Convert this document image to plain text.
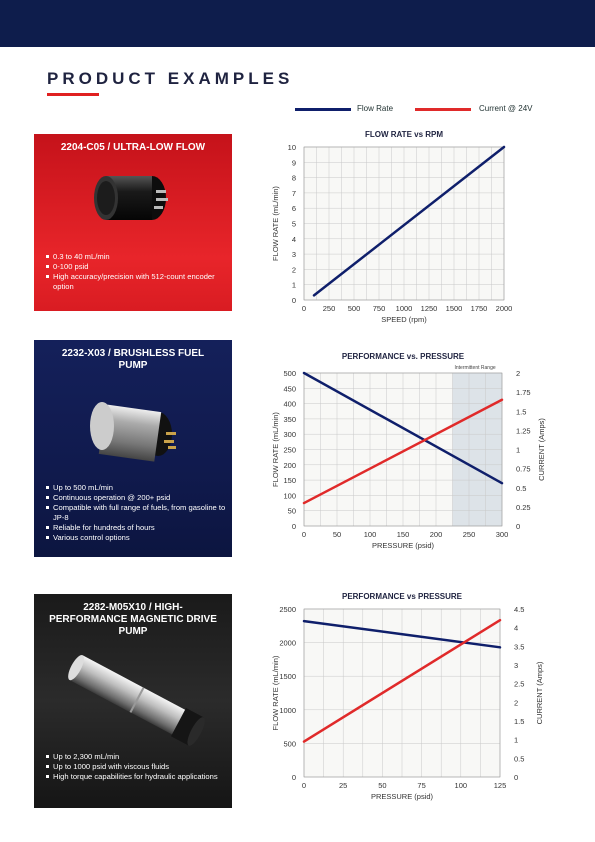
PRODUCT EXAMPLES
Flow Rate	Current @ 24V
2204-C05 / ULTRA-LOW FLOW
0.3 to 40 mL/min
0-100 psid
High accuracy/precision with 512-count encoder option
2232-X03 / BRUSHLESS FUEL PUMP
Up to 500 mL/min
Continuous operation @ 200+ psid
Compatible with full range of fuels, from gasoline to JP-8
Reliable for hundreds of hours
Various control options
2282-M05X10 / HIGH-PERFORMANCE MAGNETIC DRIVE PUMP
Up to 2,300 mL/min
Up to 1000 psid with viscous fluids
High torque capabilities for hydraulic applications
FLOW RATE vs RPM
0 250 500 750 1000 1250 1500 1750 2000
0
1
2
3
4
5
6
7
8
9
10
SPEED (rpm)
FLOW RATE (mL/min)
PERFORMANCE vs. PRESSURE
Intermittent Range
0	50	100	150	200	250	300
0
50
100
150
200
250
300
350
400
450
500
0
0.25
0.5
0.75
1
1.25
1.5
1.75
2
PRESSURE (psid)
FLOW RATE (mL/min)	CURRENT (Amps)
PERFORMANCE vs PRESSURE
0	25	50	75	100	125
0
500
1000
1500
2000
2500
0
0.5
1
1.5
2
2.5
3
3.5
4
4.5
PRESSURE (psid)
FLOW RATE (mL/min)	CURRENT (Amps)
